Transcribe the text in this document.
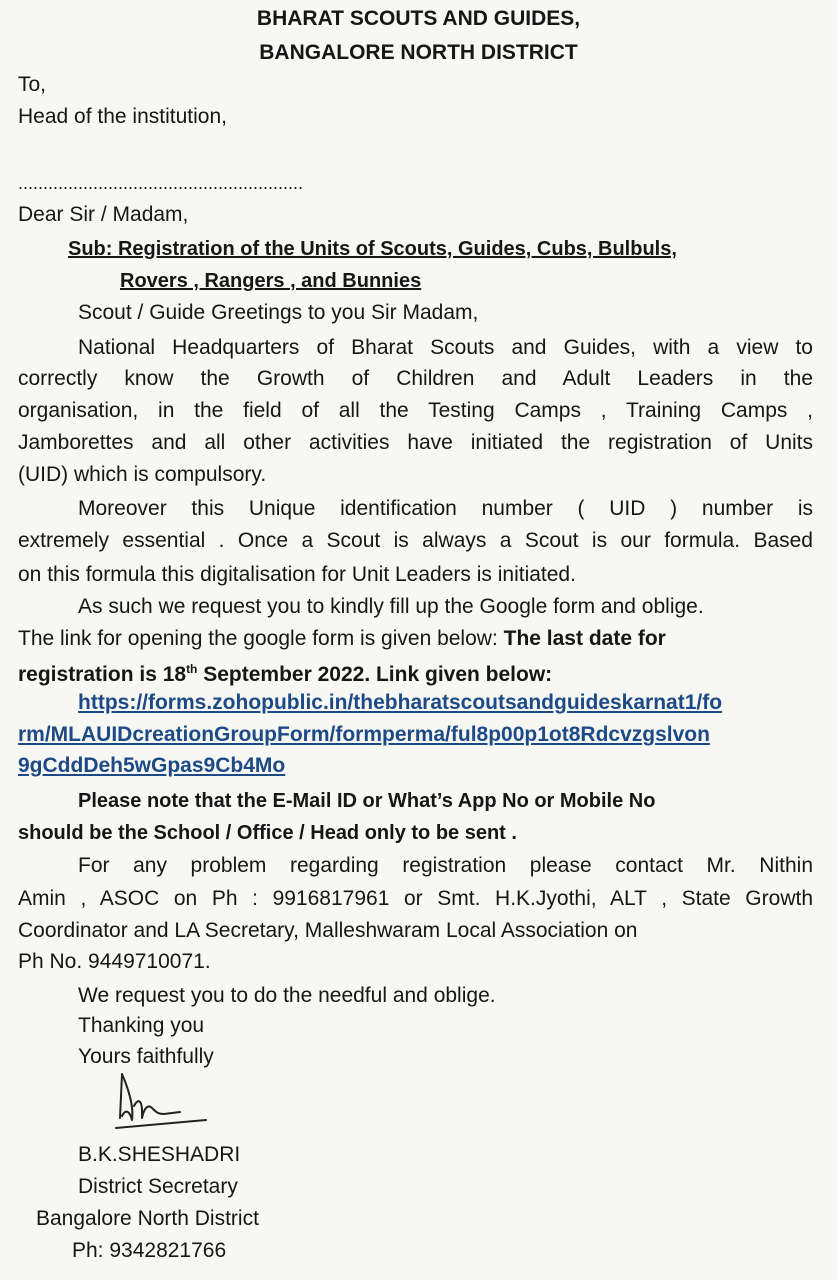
BHARAT SCOUTS AND GUIDES,
BANGALORE NORTH DISTRICT
To,
Head of the institution,
.........................................................
Dear Sir / Madam,
Sub: Registration of the Units of Scouts, Guides, Cubs, Bulbuls,
Rovers , Rangers , and Bunnies
Scout / Guide Greetings to you Sir Madam,
National Headquarters of Bharat Scouts and Guides, with a view to
correctly know the Growth of Children and Adult Leaders in the
organisation, in the field of all the Testing Camps , Training Camps ,
Jamborettes and all other activities have initiated the registration of Units
(UID) which is compulsory.
Moreover this Unique identification number ( UID ) number is
extremely essential . Once a Scout is always a Scout is our formula. Based
on this formula this digitalisation for Unit Leaders is initiated.
As such we request you to kindly fill up the Google form and oblige.
The link for opening the google form is given below: The last date for
registration is 18th September 2022. Link given below:
https://forms.zohopublic.in/thebharatscoutsandguideskarnat1/fo
rm/MLAUIDcreationGroupForm/formperma/ful8p00p1ot8Rdcvzgslvon
9gCddDeh5wGpas9Cb4Mo
Please note that the E-Mail ID or What’s App No or Mobile No
should be the School / Office / Head only to be sent .
For any problem regarding registration please contact Mr. Nithin
Amin , ASOC on Ph : 9916817961 or Smt. H.K.Jyothi, ALT , State Growth
Coordinator and LA Secretary, Malleshwaram Local Association on
Ph No. 9449710071.
We request you to do the needful and oblige.
Thanking you
Yours faithfully
B.K.SHESHADRI
District Secretary
Bangalore North District
Ph: 9342821766
